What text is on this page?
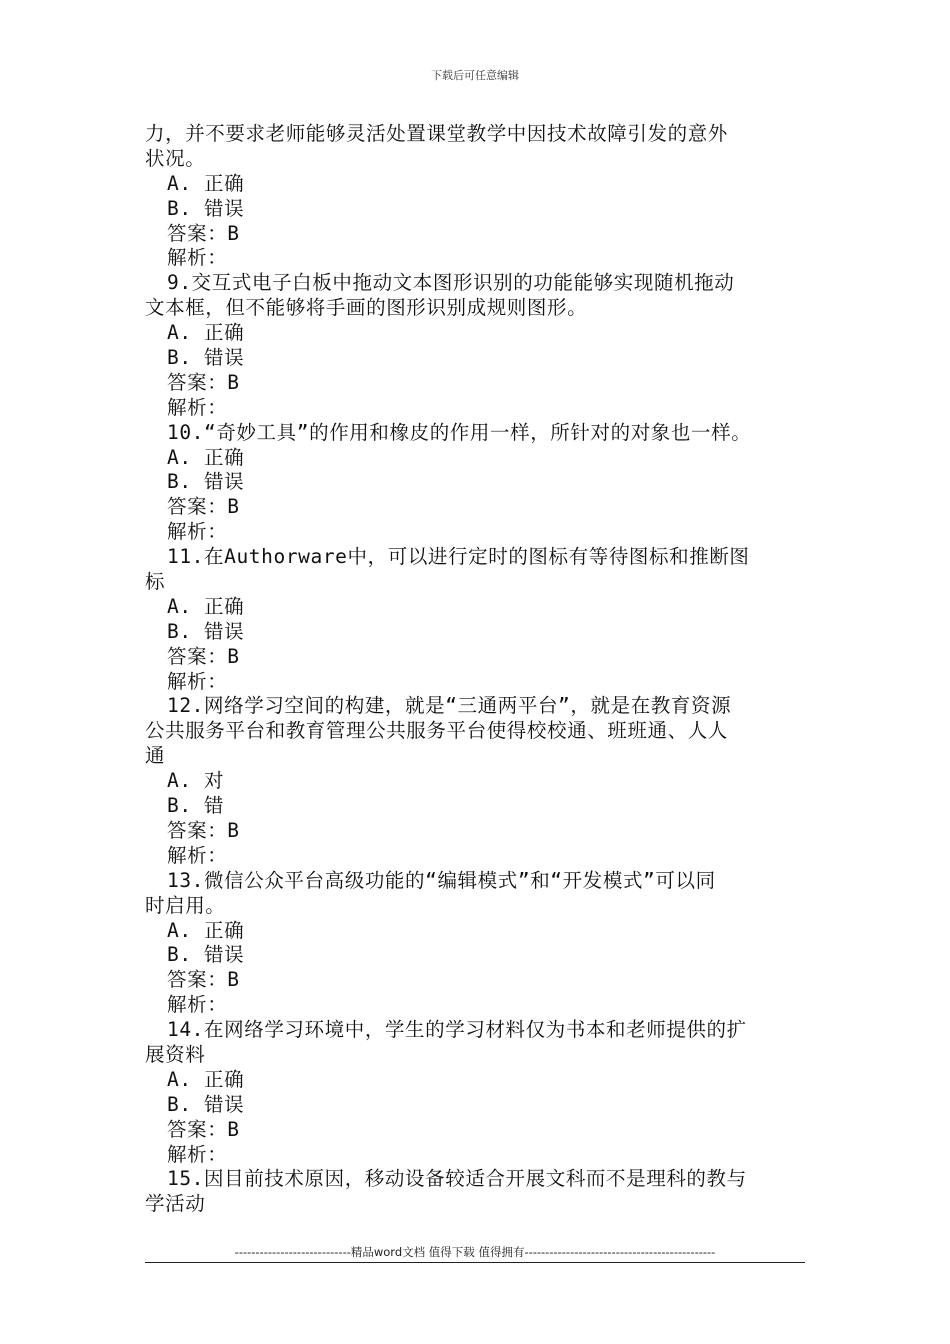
下载后可任意编辑
力，并不要求老师能够灵活处置课堂教学中因技术故障引发的意外
状况。
A. 正确
B. 错误
答案：B
解析：
9.交互式电子白板中拖动文本图形识别的功能能够实现随机拖动
文本框，但不能够将手画的图形识别成规则图形。
A. 正确
B. 错误
答案：B
解析：
10.“奇妙工具”的作用和橡皮的作用一样，所针对的对象也一样。
A. 正确
B. 错误
答案：B
解析：
11.在Authorware中，可以进行定时的图标有等待图标和推断图
标
A. 正确
B. 错误
答案：B
解析：
12.网络学习空间的构建，就是“三通两平台”，就是在教育资源
公共服务平台和教育管理公共服务平台使得校校通、班班通、人人
通
A. 对
B. 错
答案：B
解析：
13.微信公众平台高级功能的“编辑模式”和“开发模式”可以同
时启用。
A. 正确
B. 错误
答案：B
解析：
14.在网络学习环境中，学生的学习材料仅为书本和老师提供的扩
展资料
A. 正确
B. 错误
答案：B
解析：
15.因目前技术原因，移动设备较适合开展文科而不是理科的教与
学活动
----------------------------精品word文档 值得下载 值得拥有----------------------------------------------
